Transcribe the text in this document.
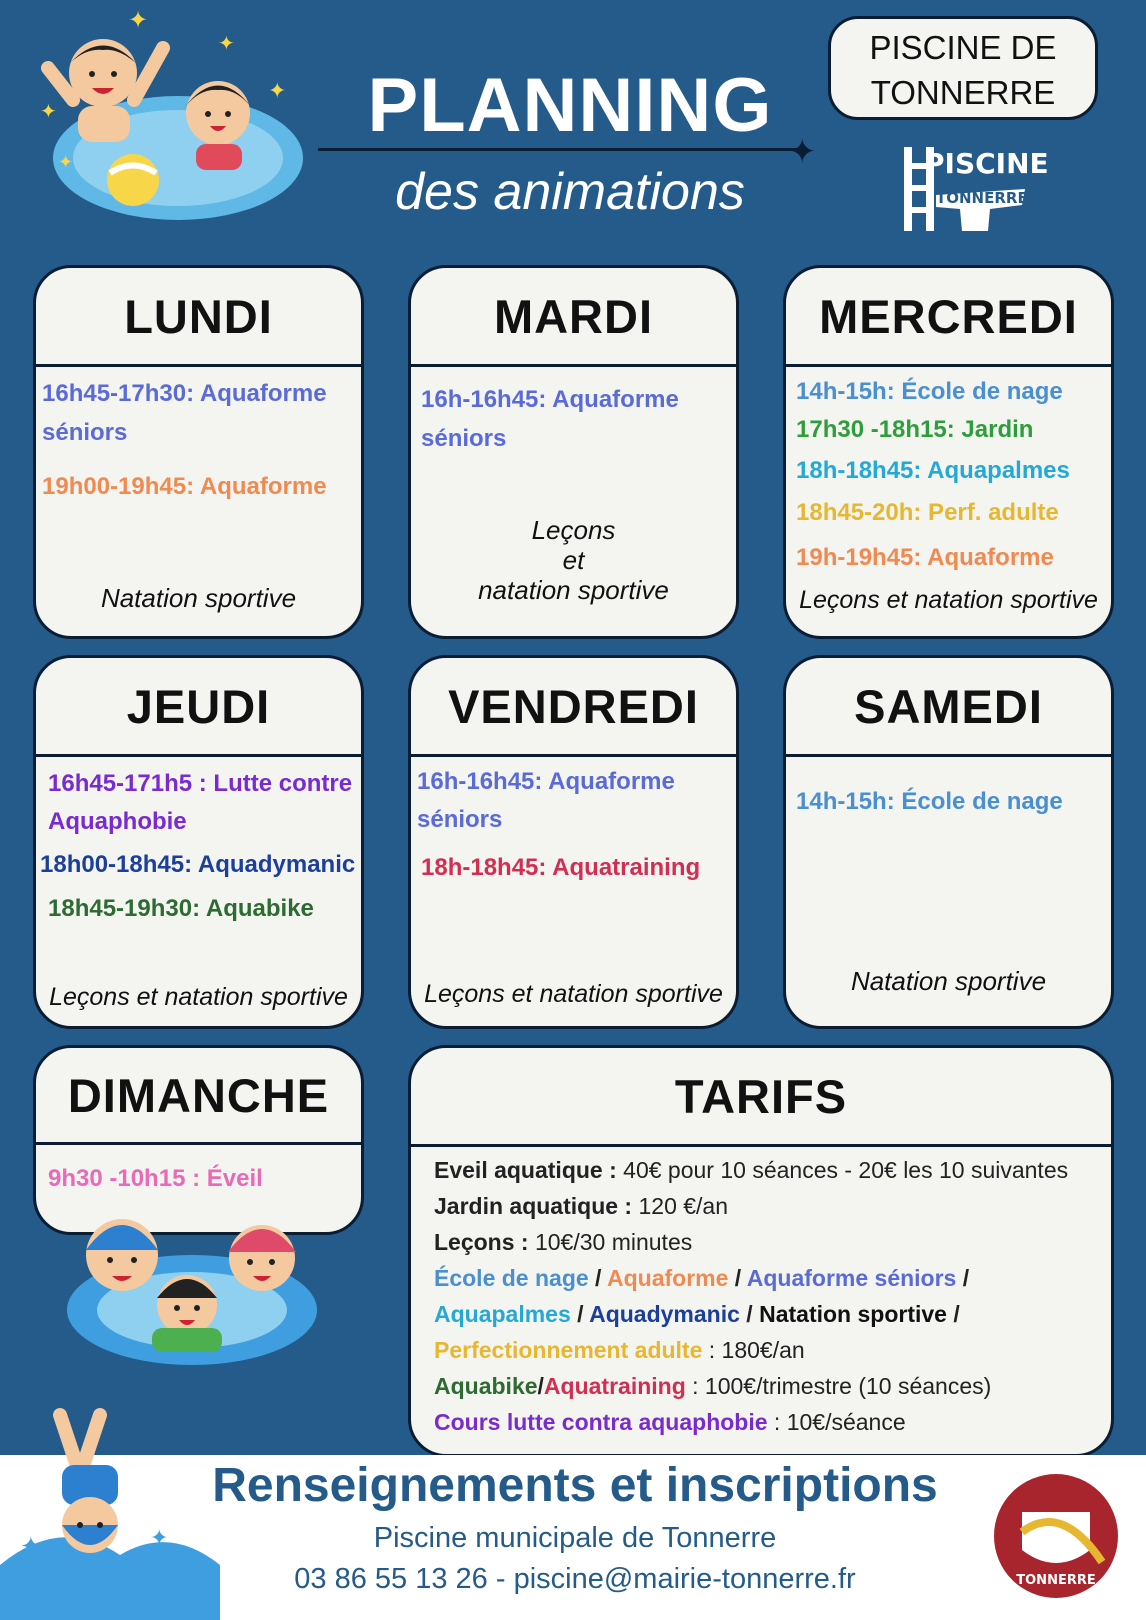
✦
✦
✦
✦
✦
PLANNING
✦
des animations
PISCINE DE
TONNERRE
PISCINE
TONNERRE
LUNDI
16h45-17h30: Aquaforme
séniors
19h00-19h45: Aquaforme
Natation sportive
MARDI
16h-16h45: Aquaforme
séniors
Leçons
et
natation sportive
MERCREDI
14h-15h: École de nage
17h30 -18h15: Jardin
18h-18h45: Aquapalmes
18h45-20h: Perf. adulte
19h-19h45: Aquaforme
Leçons et natation sportive
JEUDI
16h45-171h5 : Lutte contre
Aquaphobie
18h00-18h45: Aquadymanic
18h45-19h30: Aquabike
Leçons et natation sportive
VENDREDI
16h-16h45: Aquaforme
séniors
18h-18h45: Aquatraining
Leçons et natation sportive
SAMEDI
14h-15h: École de nage
Natation sportive
DIMANCHE
9h30 -10h15 : Éveil
TARIFS
Eveil aquatique : 40€ pour 10 séances - 20€ les 10 suivantes
Jardin aquatique : 120 €/an
Leçons : 10€/30 minutes
École de nage / Aquaforme / Aquaforme séniors /
Aquapalmes / Aquadymanic / Natation sportive /
Perfectionnement adulte : 180€/an
Aquabike/Aquatraining : 100€/trimestre (10 séances)
Cours lutte contra aquaphobie : 10€/séance
✦	✦
Renseignements et inscriptions
Piscine municipale de Tonnerre
03 86 55 13 26 - piscine@mairie-tonnerre.fr	TONNERRE
